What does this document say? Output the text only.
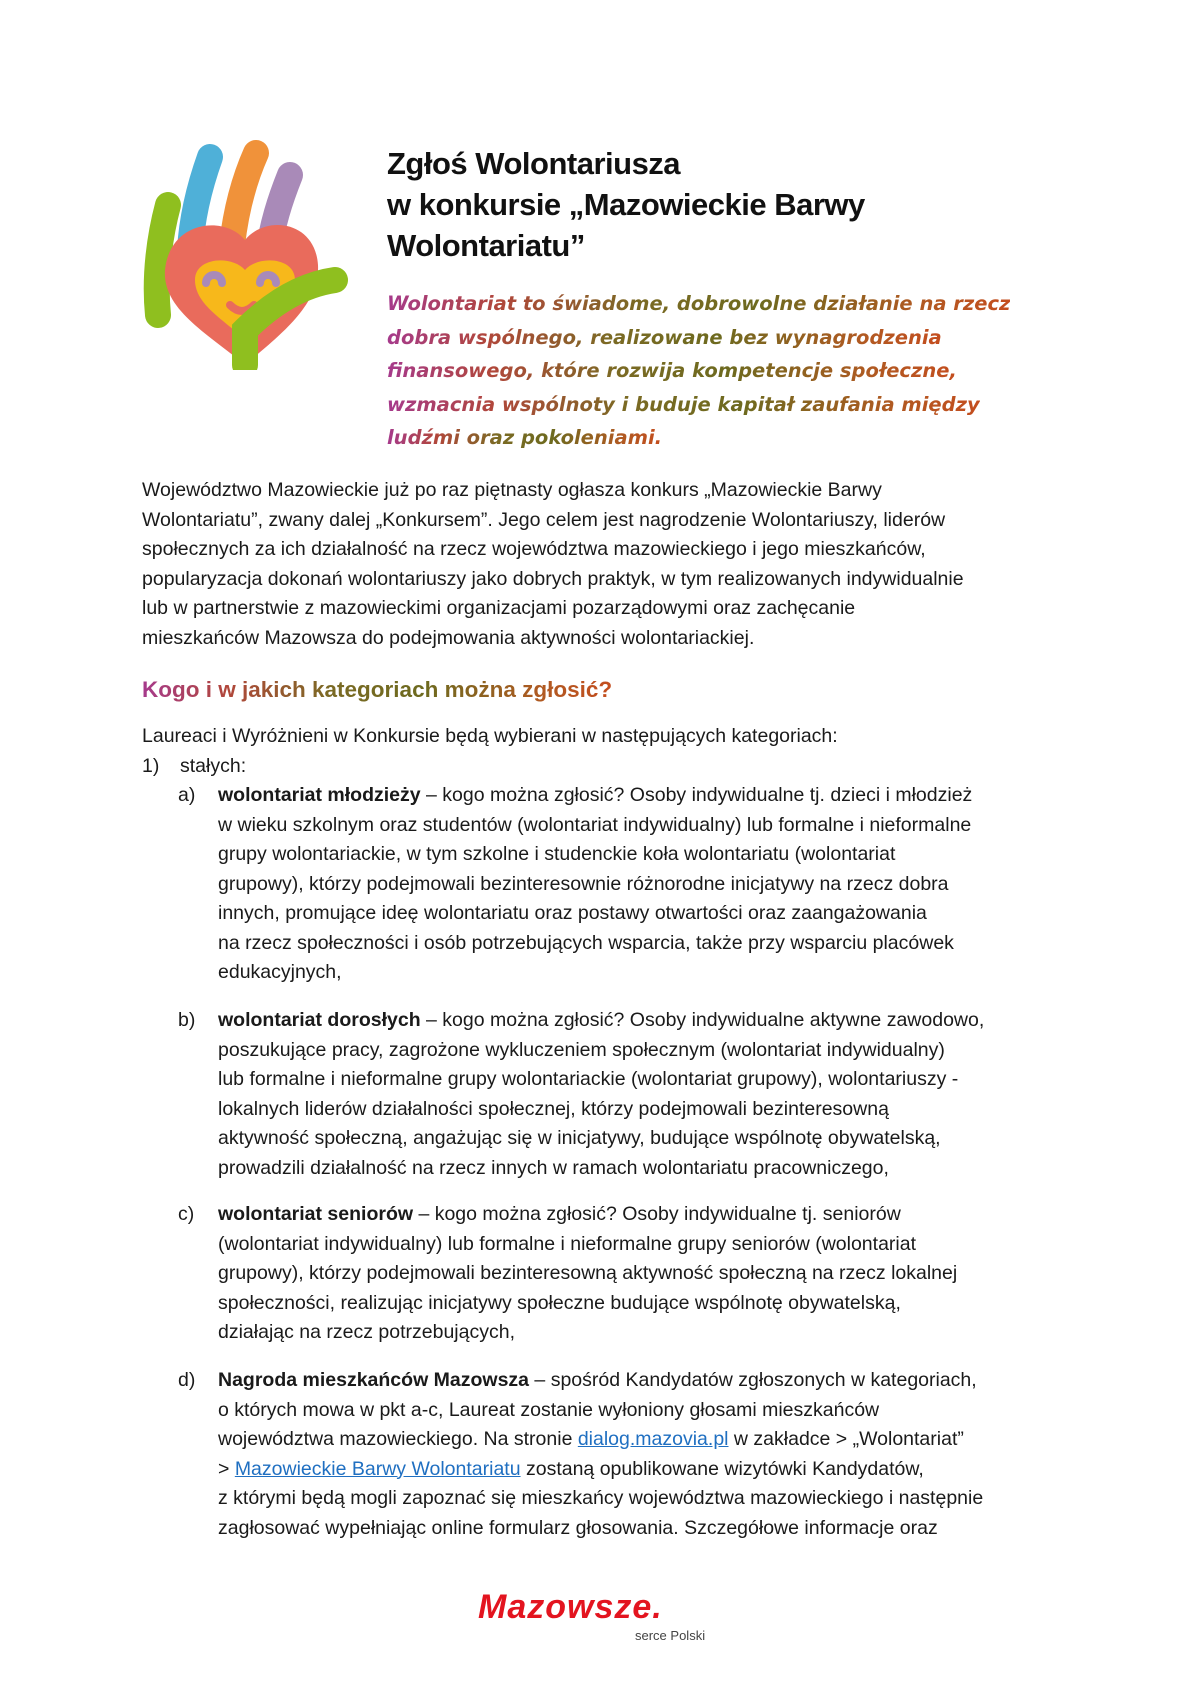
Zgłoś Wolontariusza
w konkursie „Mazowieckie Barwy
Wolontariatu”
Wolontariat to świadome, dobrowolne działanie na rzecz
dobra wspólnego, realizowane bez wynagrodzenia
finansowego, które rozwija kompetencje społeczne,
wzmacnia wspólnoty i buduje kapitał zaufania między
ludźmi oraz pokoleniami.
Województwo Mazowieckie już po raz piętnasty ogłasza konkurs „Mazowieckie Barwy
Wolontariatu”, zwany dalej „Konkursem”. Jego celem jest nagrodzenie Wolontariuszy, liderów
społecznych za ich działalność na rzecz województwa mazowieckiego i jego mieszkańców,
popularyzacja dokonań wolontariuszy jako dobrych praktyk, w tym realizowanych indywidualnie
lub w partnerstwie z mazowieckimi organizacjami pozarządowymi oraz zachęcanie
mieszkańców Mazowsza do podejmowania aktywności wolontariackiej.
Kogo i w jakich kategoriach można zgłosić?
Laureaci i Wyróżnieni w Konkursie będą wybierani w następujących kategoriach:
1) stałych:
a) wolontariat młodzieży – kogo można zgłosić? Osoby indywidualne tj. dzieci i młodzież
w wieku szkolnym oraz studentów (wolontariat indywidualny) lub formalne i nieformalne
grupy wolontariackie, w tym szkolne i studenckie koła wolontariatu (wolontariat
grupowy), którzy podejmowali bezinteresownie różnorodne inicjatywy na rzecz dobra
innych, promujące ideę wolontariatu oraz postawy otwartości oraz zaangażowania
na rzecz społeczności i osób potrzebujących wsparcia, także przy wsparciu placówek
edukacyjnych,
b) wolontariat dorosłych – kogo można zgłosić? Osoby indywidualne aktywne zawodowo,
poszukujące pracy, zagrożone wykluczeniem społecznym (wolontariat indywidualny)
lub formalne i nieformalne grupy wolontariackie (wolontariat grupowy), wolontariuszy -
lokalnych liderów działalności społecznej, którzy podejmowali bezinteresowną
aktywność społeczną, angażując się w inicjatywy, budujące wspólnotę obywatelską,
prowadzili działalność na rzecz innych w ramach wolontariatu pracowniczego,
c) wolontariat seniorów – kogo można zgłosić? Osoby indywidualne tj. seniorów
(wolontariat indywidualny) lub formalne i nieformalne grupy seniorów (wolontariat
grupowy), którzy podejmowali bezinteresowną aktywność społeczną na rzecz lokalnej
społeczności, realizując inicjatywy społeczne budujące wspólnotę obywatelską,
działając na rzecz potrzebujących,
d) Nagroda mieszkańców Mazowsza – spośród Kandydatów zgłoszonych w kategoriach,
o których mowa w pkt a-c, Laureat zostanie wyłoniony głosami mieszkańców
województwa mazowieckiego. Na stronie dialog.mazovia.pl w zakładce > „Wolontariat”
> Mazowieckie Barwy Wolontariatu zostaną opublikowane wizytówki Kandydatów,
z którymi będą mogli zapoznać się mieszkańcy województwa mazowieckiego i następnie
zagłosować wypełniając online formularz głosowania. Szczegółowe informacje oraz
Mazowsze.
serce Polski
